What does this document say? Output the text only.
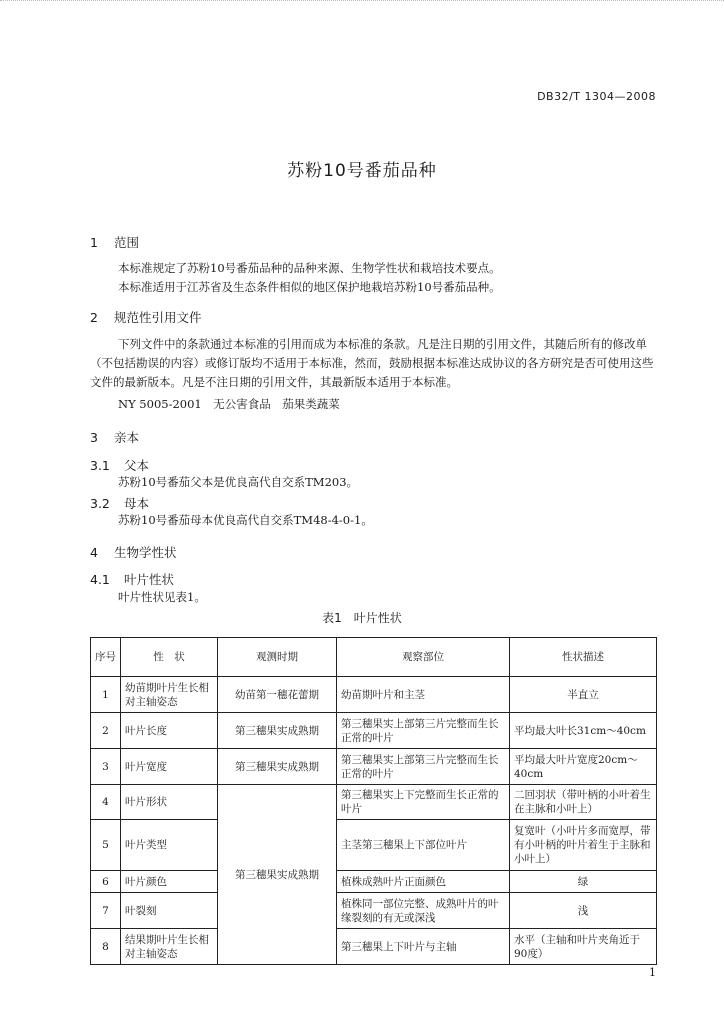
DB32/T 1304—2008
苏粉10号番茄品种
1 范围
本标准规定了苏粉10号番茄品种的品种来源、生物学性状和栽培技术要点。
本标准适用于江苏省及生态条件相似的地区保护地栽培苏粉10号番茄品种。
2 规范性引用文件
下列文件中的条款通过本标准的引用而成为本标准的条款。凡是注日期的引用文件，其随后所有的修改单（不包括勘误的内容）或修订版均不适用于本标准，然而，鼓励根据本标准达成协议的各方研究是否可使用这些文件的最新版本。凡是不注日期的引用文件，其最新版本适用于本标准。
NY 5005-2001　无公害食品　茄果类蔬菜
3 亲本
3.1 父本
苏粉10号番茄父本是优良高代自交系TM203。
3.2 母本
苏粉10号番茄母本优良高代自交系TM48-4-0-1。
4 生物学性状
4.1 叶片性状
叶片性状见表1。
表1　叶片性状
序号	性　状	观测时期	观察部位	性状描述
1	幼苗期叶片生长相对主轴姿态	幼苗第一穗花蕾期	幼苗期叶片和主茎	半直立
2	叶片长度	第三穗果实成熟期	第三穗果实上部第三片完整而生长正常的叶片	平均最大叶长31cm～40cm
3	叶片宽度	第三穗果实成熟期	第三穗果实上部第三片完整而生长正常的叶片	平均最大叶片宽度20cm～40cm
4	叶片形状	第三穗果实成熟期	第三穗果实上下完整而生长正常的叶片	二回羽状（带叶柄的小叶着生在主脉和小叶上）
5	叶片类型		主茎第三穗果上下部位叶片	复宽叶（小叶片多而宽厚，带有小叶柄的叶片着生于主脉和小叶上）
6	叶片颜色		植株成熟叶片正面颜色	绿
7	叶裂刻		植株同一部位完整、成熟叶片的叶缘裂刻的有无或深浅	浅
8	结果期叶片生长相对主轴姿态		第三穗果上下叶片与主轴	水平（主轴和叶片夹角近于90度）
1
